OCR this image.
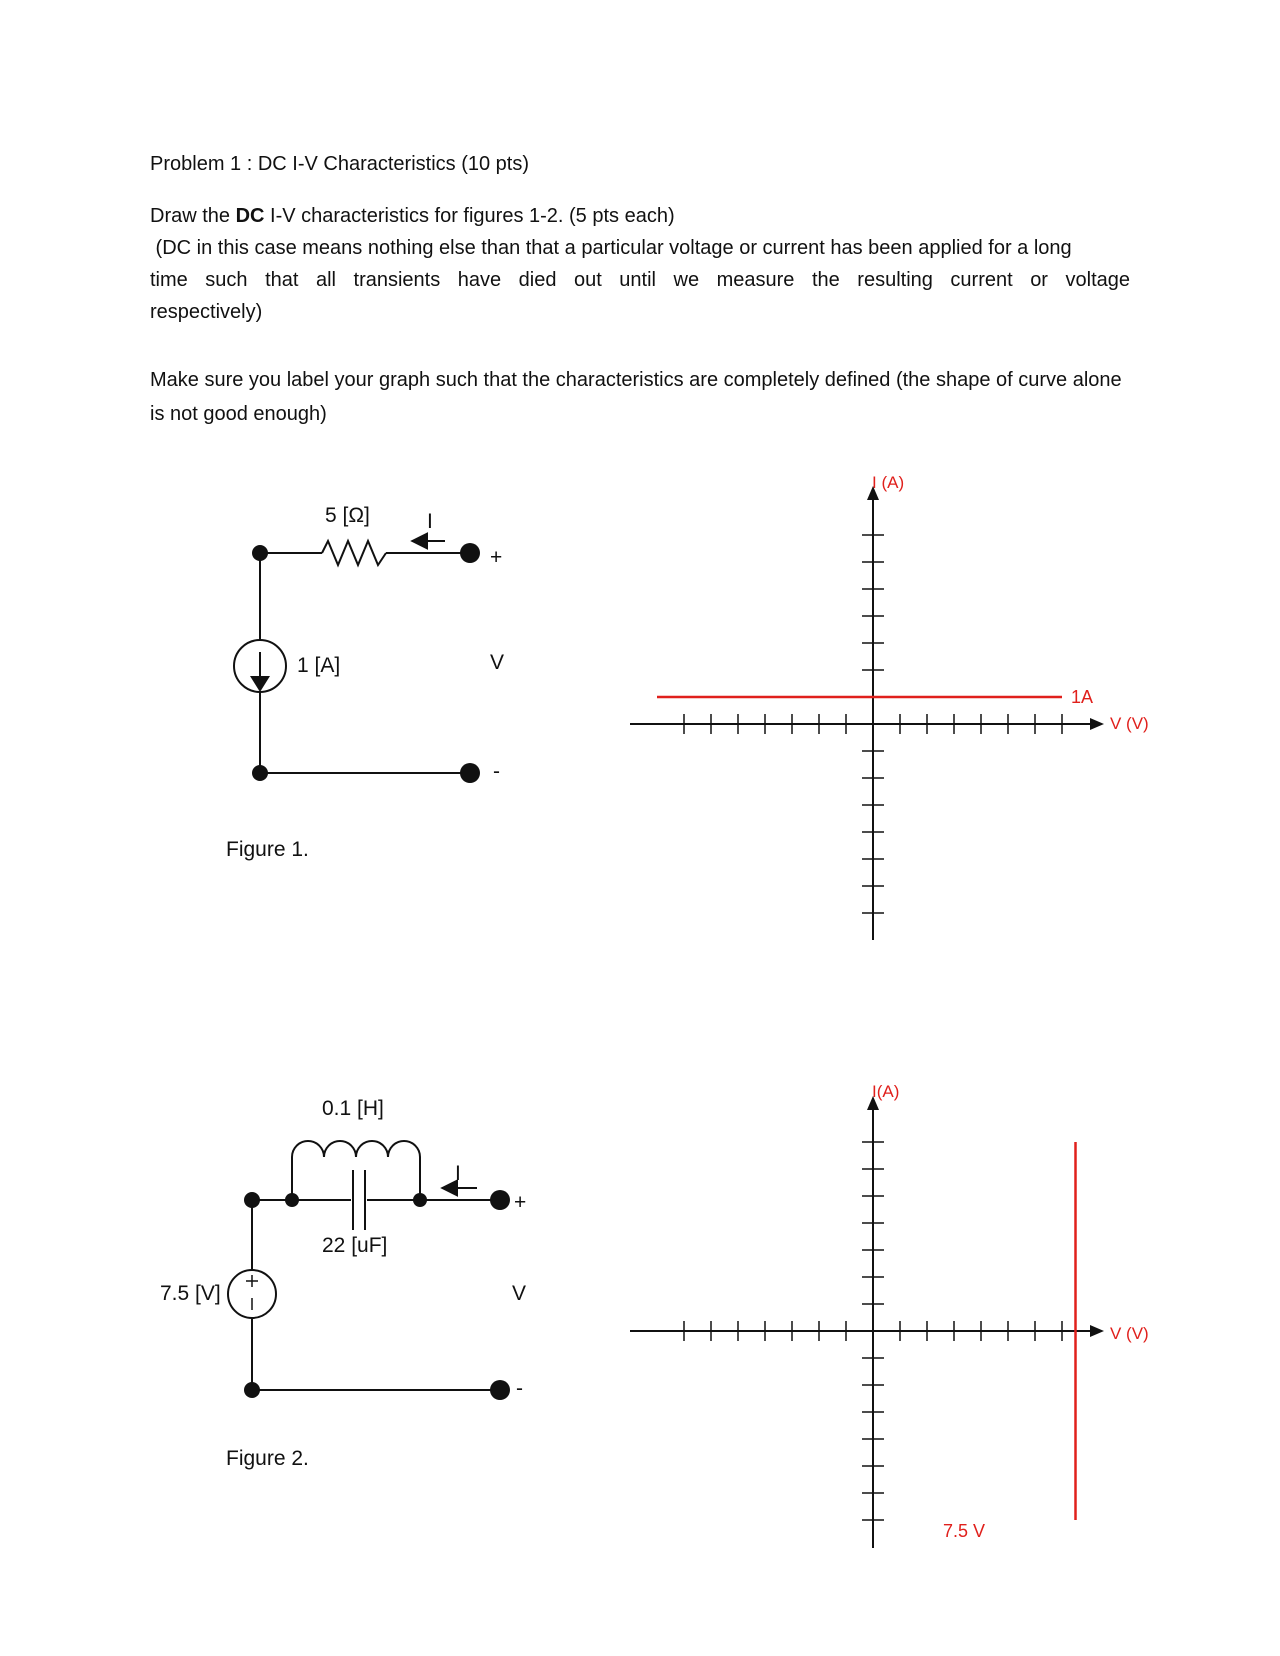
Problem 1 : DC I-V Characteristics (10 pts)
Draw the DC I-V characteristics for figures 1-2. (5 pts each)
(DC in this case means nothing else than that a particular voltage or current has been applied for a long
time such that all transients have died out until we measure the resulting current or voltage
respectively)
Make sure you label your graph such that the characteristics are completely defined (the shape of curve alone is not good enough)
5 [Ω]
1 [A]
I
+
V
-
Figure 1.
0.1 [H]
22 [uF]
7.5 [V]
I
+
V
-
Figure 2.
I (A)
V (V)
1A
I(A)
V (V)
7.5 V
